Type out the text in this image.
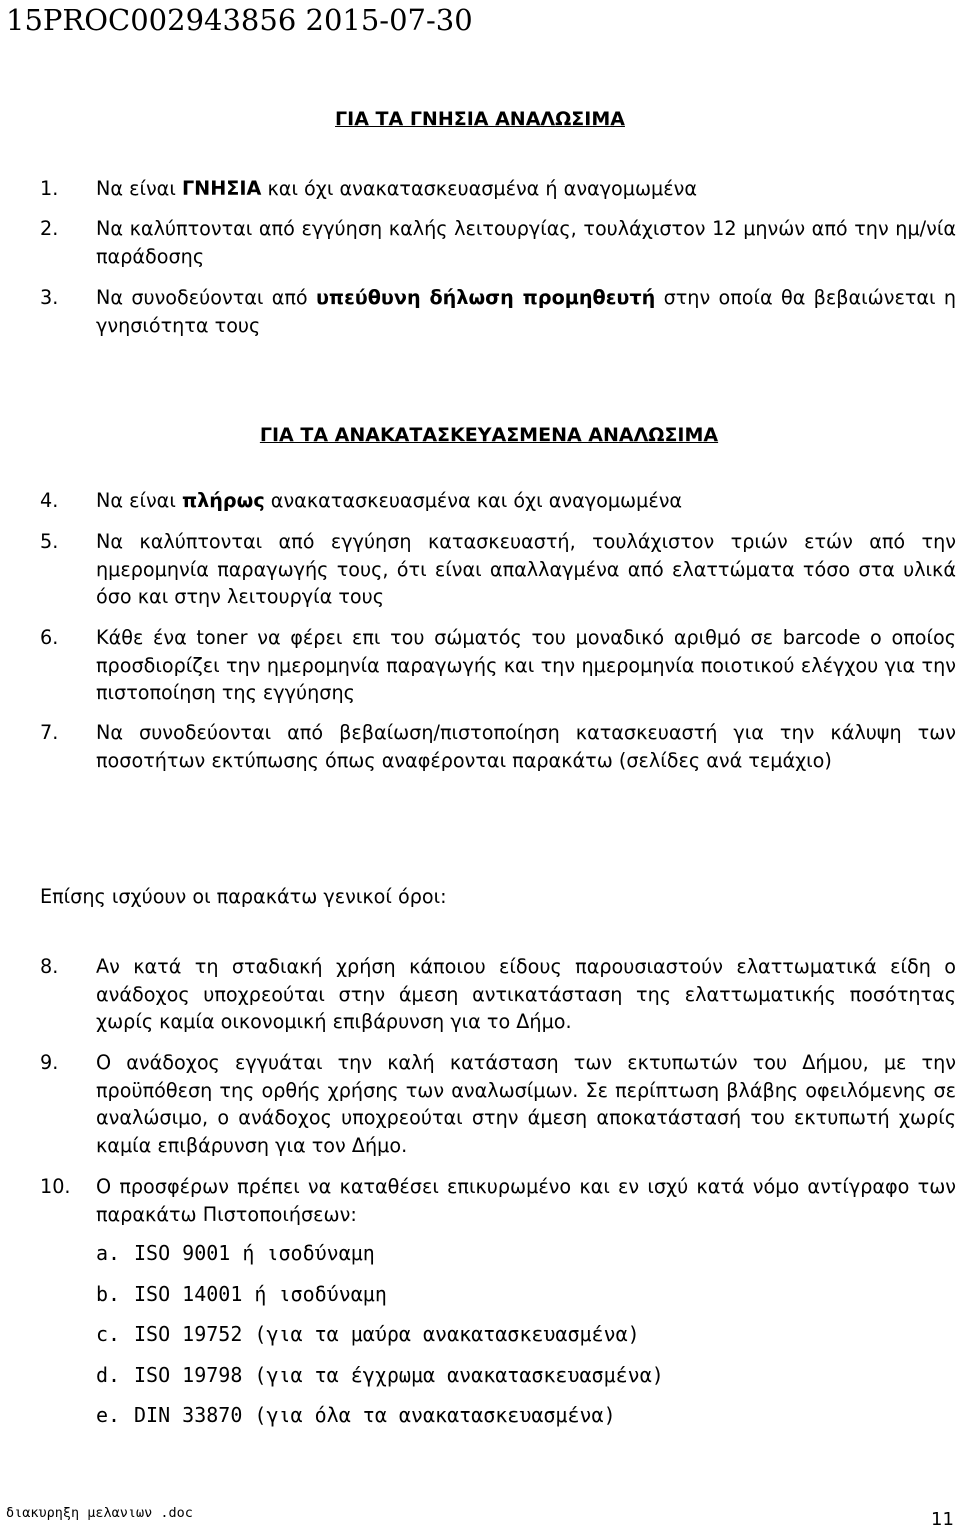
15PROC002943856 2015-07-30
ΓΙΑ ΤΑ ΓΝΗΣΙΑ ΑΝΑΛΩΣΙΜΑ
1. Να είναι ΓΝΗΣΙΑ και όχι ανακατασκευασμένα ή αναγομωμένα
2. Να καλύπτονται από εγγύηση καλής λειτουργίας, τουλάχιστον 12 μηνών από την ημ/νία παράδοσης
3. Να συνοδεύονται από υπεύθυνη δήλωση προμηθευτή στην οποία θα βεβαιώνεται η γνησιότητα τους
ΓΙΑ ΤΑ ΑΝΑΚΑΤΑΣΚΕΥΑΣΜΕΝΑ ΑΝΑΛΩΣΙΜΑ
4. Να είναι πλήρως ανακατασκευασμένα και όχι αναγομωμένα
5. Να καλύπτονται από εγγύηση κατασκευαστή, τουλάχιστον τριών ετών από την ημερομηνία παραγωγής τους, ότι είναι απαλλαγμένα από ελαττώματα τόσο στα υλικά όσο και στην λειτουργία τους
6. Κάθε ένα toner να φέρει επι του σώματός του μοναδικό αριθμό σε barcode ο οποίος προσδιορίζει την ημερομηνία παραγωγής και την ημερομηνία ποιοτικού ελέγχου για την πιστοποίηση της εγγύησης
7. Να συνοδεύονται από βεβαίωση/πιστοποίηση κατασκευαστή για την κάλυψη των ποσοτήτων εκτύπωσης όπως αναφέρονται παρακάτω (σελίδες ανά τεμάχιο)
Επίσης ισχύουν οι παρακάτω γενικοί όροι:
8. Αν κατά τη σταδιακή χρήση κάποιου είδους παρουσιαστούν ελαττωματικά είδη ο ανάδοχος υποχρεούται στην άμεση αντικατάσταση της ελαττωματικής ποσότητας χωρίς καμία οικονομική επιβάρυνση για το Δήμο.
9. Ο ανάδοχος εγγυάται την καλή κατάσταση των εκτυπωτών του Δήμου, με την προϋπόθεση της ορθής χρήσης των αναλωσίμων. Σε περίπτωση βλάβης οφειλόμενης σε αναλώσιμο, ο ανάδοχος υποχρεούται στην άμεση αποκατάστασή του εκτυπωτή χωρίς καμία επιβάρυνση για τον Δήμο.
10. Ο προσφέρων πρέπει να καταθέσει επικυρωμένο και εν ισχύ κατά νόμο αντίγραφο των παρακάτω Πιστοποιήσεων:
a. ISO 9001 ή ισοδύναμη
b. ISO 14001 ή ισοδύναμη
c. ISO 19752 (για τα μαύρα ανακατασκευασμένα)
d. ISO 19798 (για τα έγχρωμα ανακατασκευασμένα)
e. DIN 33870 (για όλα τα ανακατασκευασμένα)
διακυρηξη μελανιων .doc	11
